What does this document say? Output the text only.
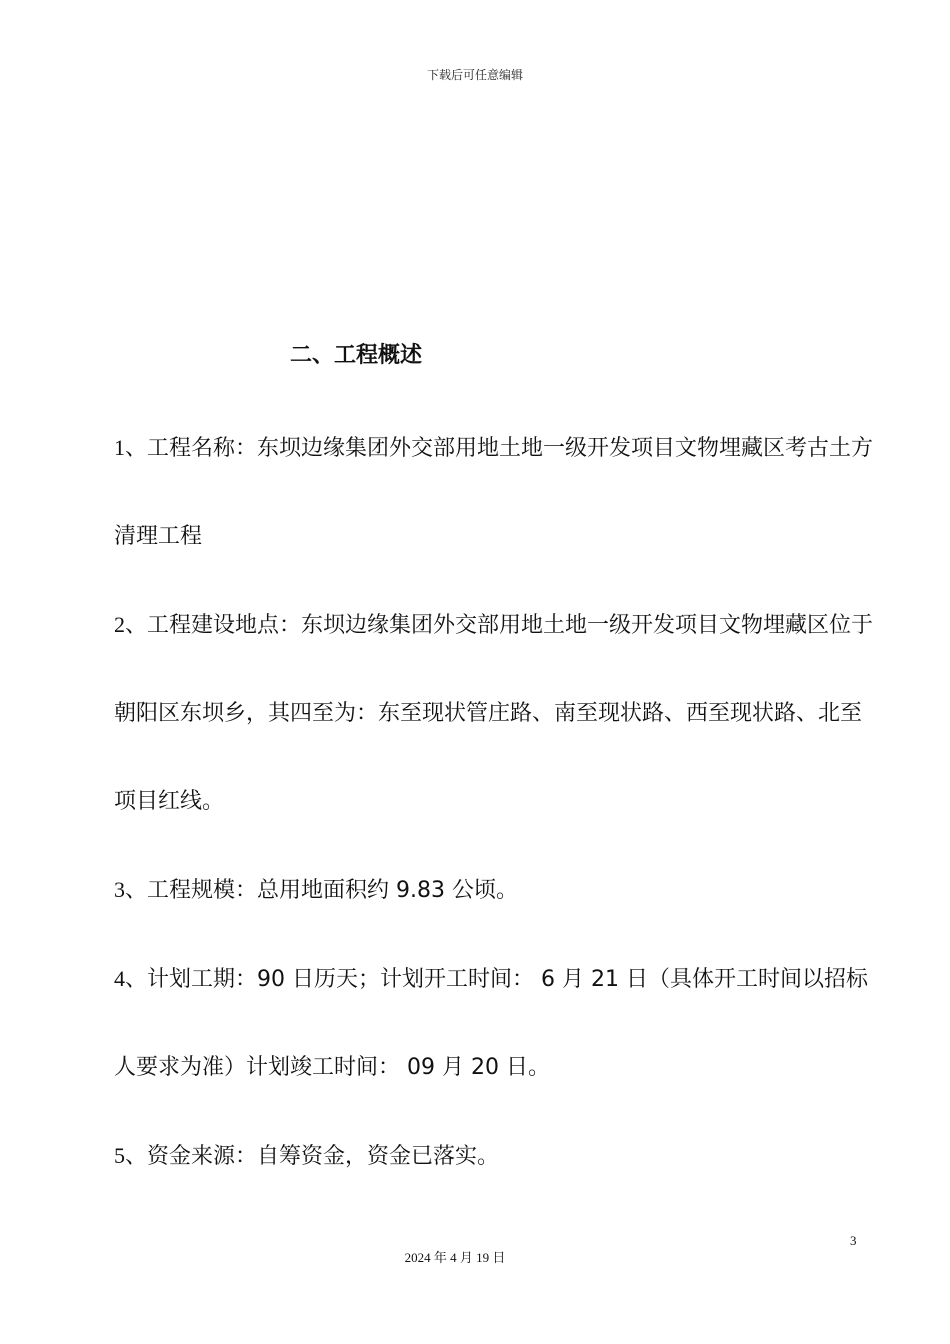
下载后可任意编辑
二、工程概述

1、工程名称：东坝边缘集团外交部用地土地一级开发项目文物埋藏区考古土方清理工程

2、工程建设地点：东坝边缘集团外交部用地土地一级开发项目文物埋藏区位于朝阳区东坝乡，其四至为：东至现状管庄路、南至现状路、西至现状路、北至项目红线。

3、工程规模：总用地面积约 9.83 公顷。

4、计划工期：90 日历天；计划开工时间： 6 月 21 日（具体开工时间以招标人要求为准）计划竣工时间： 09 月 20 日。

5、资金来源：自筹资金，资金已落实。

3
2024 年 4 月 19 日
